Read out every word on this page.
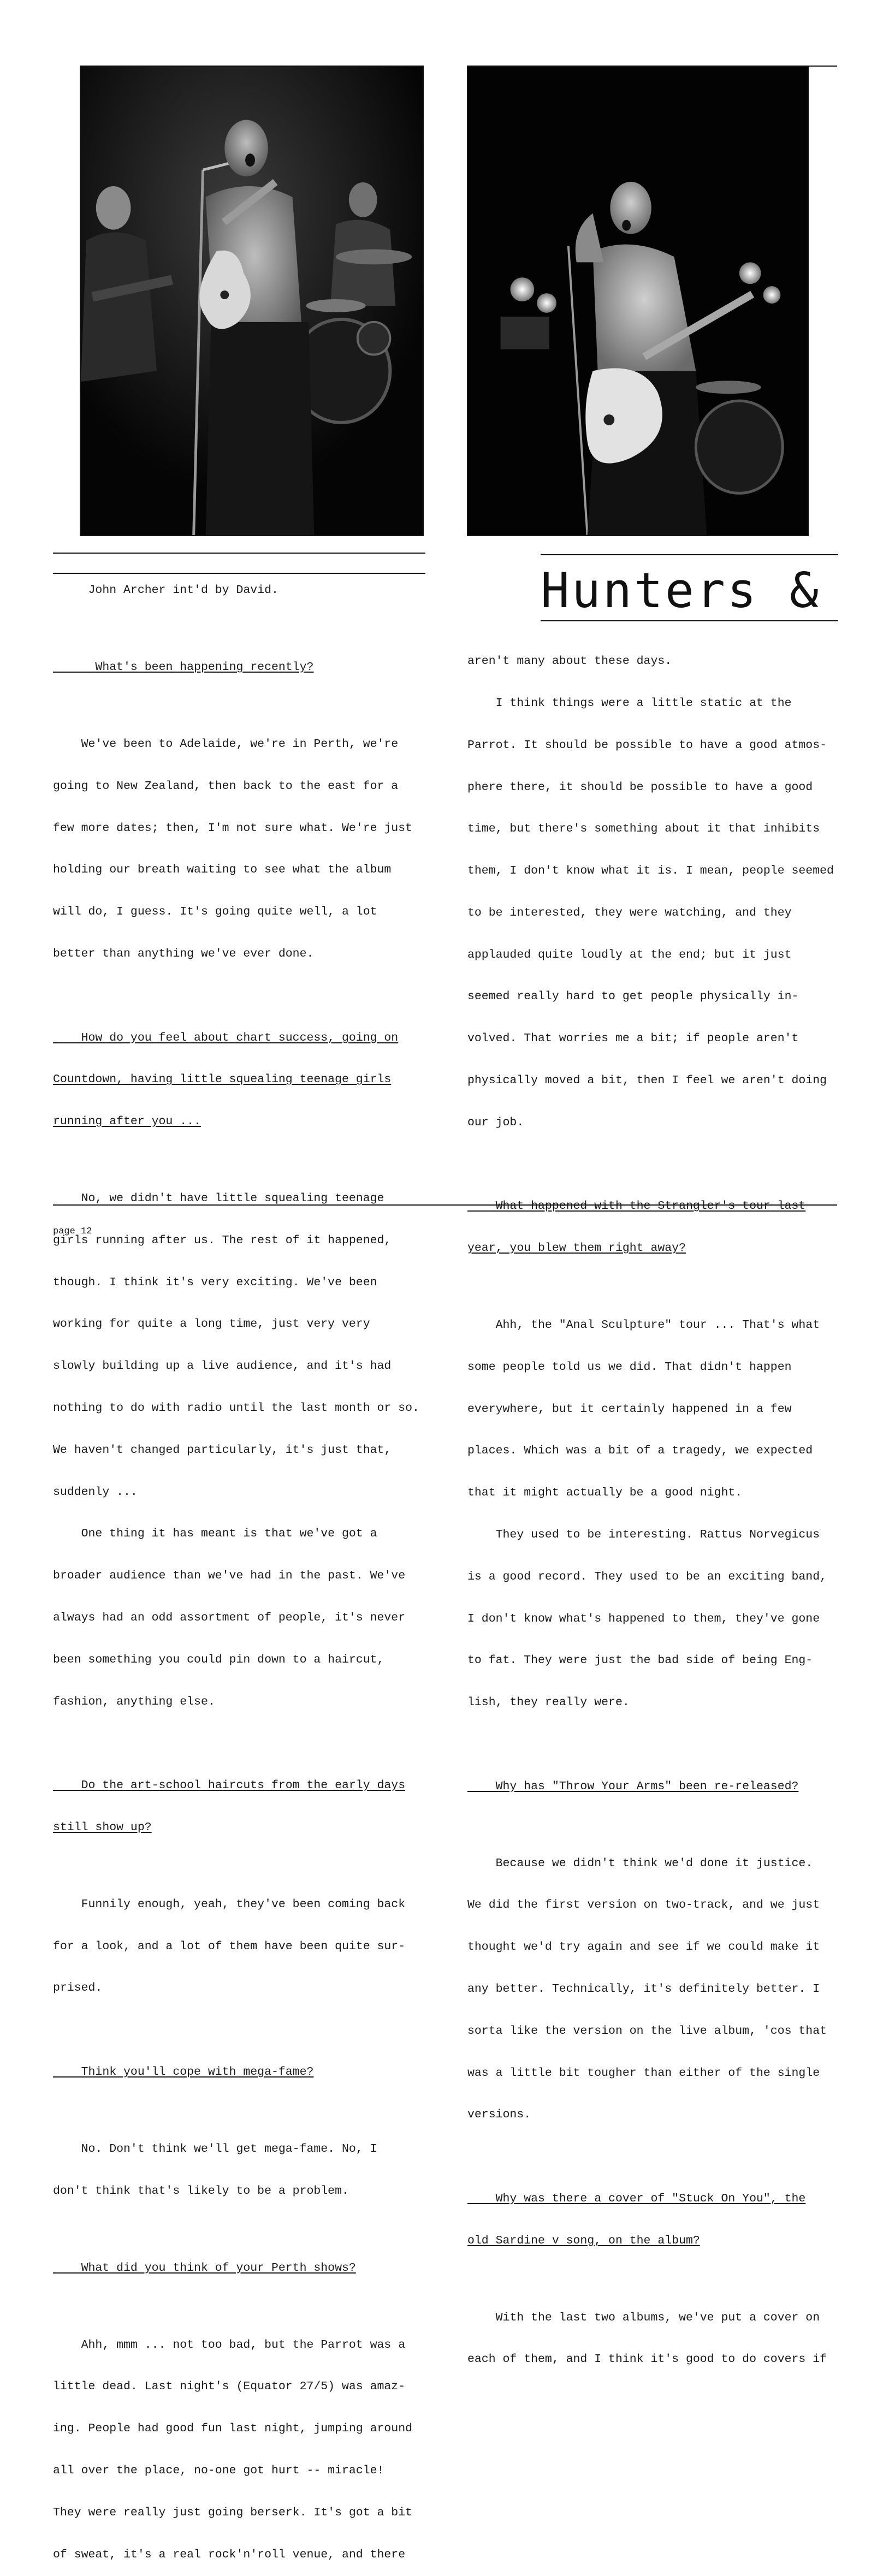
Hunters &

John Archer int'd by David.

What's been happening recently?

We've been to Adelaide, we're in Perth, we're

going to New Zealand, then back to the east for a

few more dates; then, I'm not sure what. We're just

holding our breath waiting to see what the album

will do, I guess. It's going quite well, a lot

better than anything we've ever done.

How do you feel about chart success, going on

Countdown, having little squealing teenage girls

running after you ...

No, we didn't have little squealing teenage

girls running after us. The rest of it happened,

though. I think it's very exciting. We've been

working for quite a long time, just very very

slowly building up a live audience, and it's had

nothing to do with radio until the last month or so.

We haven't changed particularly, it's just that,

suddenly ...

One thing it has meant is that we've got a

broader audience than we've had in the past. We've

always had an odd assortment of people, it's never

been something you could pin down to a haircut,

fashion, anything else.

Do the art-school haircuts from the early days

still show up?

Funnily enough, yeah, they've been coming back

for a look, and a lot of them have been quite sur-

prised.

Think you'll cope with mega-fame?

No. Don't think we'll get mega-fame. No, I

don't think that's likely to be a problem.

What did you think of your Perth shows?

Ahh, mmm ... not too bad, but the Parrot was a

little dead. Last night's (Equator 27/5) was amaz-

ing. People had good fun last night, jumping around

all over the place, no-one got hurt -- miracle!

They were really just going berserk. It's got a bit

of sweat, it's a real rock'n'roll venue, and there

aren't many about these days.

I think things were a little static at the

Parrot. It should be possible to have a good atmos-

phere there, it should be possible to have a good

time, but there's something about it that inhibits

them, I don't know what it is. I mean, people seemed

to be interested, they were watching, and they

applauded quite loudly at the end; but it just

seemed really hard to get people physically in-

volved. That worries me a bit; if people aren't

physically moved a bit, then I feel we aren't doing

our job.

What happened with the Strangler's tour last

year, you blew them right away?

Ahh, the "Anal Sculpture" tour ... That's what

some people told us we did. That didn't happen

everywhere, but it certainly happened in a few

places. Which was a bit of a tragedy, we expected

that it might actually be a good night.

They used to be interesting. Rattus Norvegicus

is a good record. They used to be an exciting band,

I don't know what's happened to them, they've gone

to fat. They were just the bad side of being Eng-

lish, they really were.

Why has "Throw Your Arms" been re-released?

Because we didn't think we'd done it justice.

We did the first version on two-track, and we just

thought we'd try again and see if we could make it

any better. Technically, it's definitely better. I

sorta like the version on the live album, 'cos that

was a little bit tougher than either of the single

versions.

Why was there a cover of "Stuck On You", the

old Sardine v song, on the album?

With the last two albums, we've put a cover on

each of them, and I think it's good to do covers if

page 12
